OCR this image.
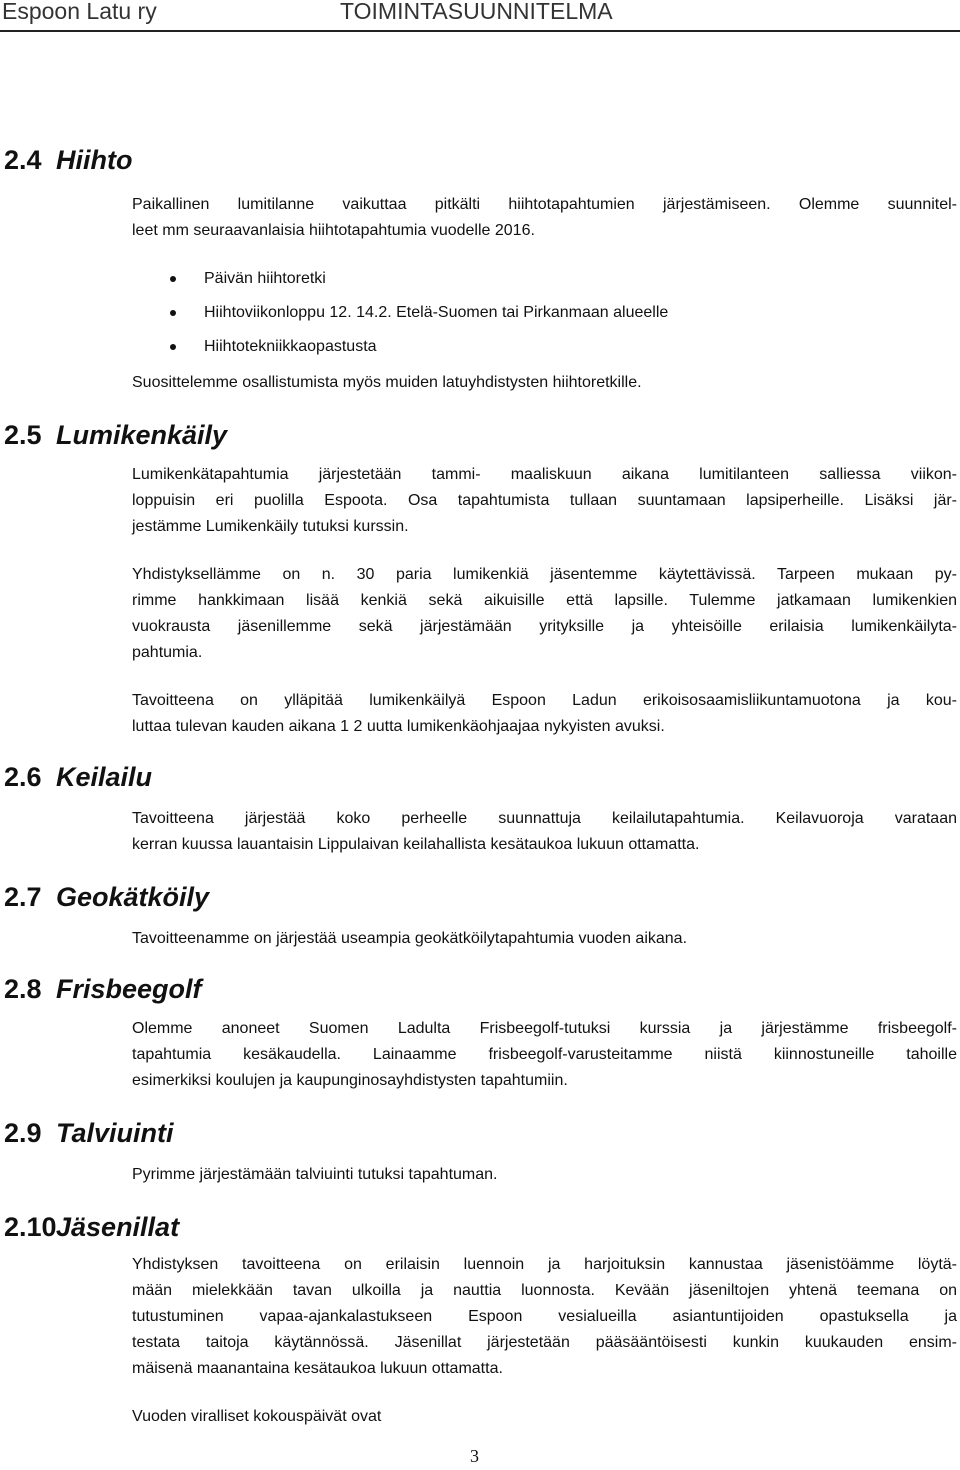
Espoon Latu ry	TOIMINTASUUNNITELMA
2.4 Hiihto

Paikallinen lumitilanne vaikuttaa pitkälti hiihtotapahtumien järjestämiseen. Olemme suunnitel-
leet mm seuraavanlaisia hiihtotapahtumia vuodelle 2016.

Päivän hiihtoretki
Hiihtoviikonloppu 12. 14.2. Etelä-Suomen tai Pirkanmaan alueelle
Hiihtotekniikkaopastusta

Suosittelemme osallistumista myös muiden latuyhdistysten hiihtoretkille.

2.5 Lumikenkäily

Lumikenkätapahtumia järjestetään tammi- maaliskuun aikana lumitilanteen salliessa viikon-
loppuisin eri puolilla Espoota. Osa tapahtumista tullaan suuntamaan lapsiperheille. Lisäksi jär-
jestämme Lumikenkäily tutuksi kurssin.

Yhdistyksellämme on n. 30 paria lumikenkiä jäsentemme käytettävissä. Tarpeen mukaan py-
rimme hankkimaan lisää kenkiä sekä aikuisille että lapsille. Tulemme jatkamaan lumikenkien
vuokrausta jäsenillemme sekä järjestämään yrityksille ja yhteisöille erilaisia lumikenkäilyta-
pahtumia.

Tavoitteena on ylläpitää lumikenkäilyä Espoon Ladun erikoisosaamisliikuntamuotona ja kou-
luttaa tulevan kauden aikana 1 2 uutta lumikenkäohjaajaa nykyisten avuksi.

2.6 Keilailu

Tavoitteena järjestää koko perheelle suunnattuja keilailutapahtumia. Keilavuoroja varataan
kerran kuussa lauantaisin Lippulaivan keilahallista kesätaukoa lukuun ottamatta.

2.7 Geokätköily

Tavoitteenamme on järjestää useampia geokätköilytapahtumia vuoden aikana.

2.8 Frisbeegolf

Olemme anoneet Suomen Ladulta Frisbeegolf-tutuksi kurssia ja järjestämme frisbeegolf-
tapahtumia kesäkaudella. Lainaamme frisbeegolf-varusteitamme niistä kiinnostuneille tahoille
esimerkiksi koulujen ja kaupunginosayhdistysten tapahtumiin.

2.9 Talviuinti

Pyrimme järjestämään talviuinti tutuksi tapahtuman.

2.10Jäsenillat

Yhdistyksen tavoitteena on erilaisin luennoin ja harjoituksin kannustaa jäsenistöämme löytä-
mään mielekkään tavan ulkoilla ja nauttia luonnosta. Kevään jäseniltojen yhtenä teemana on
tutustuminen vapaa-ajankalastukseen Espoon vesialueilla asiantuntijoiden opastuksella ja
testata taitoja käytännössä. Jäsenillat järjestetään pääsääntöisesti kunkin kuukauden ensim-
mäisenä maanantaina kesätaukoa lukuun ottamatta.

Vuoden viralliset kokouspäivät ovat

3
